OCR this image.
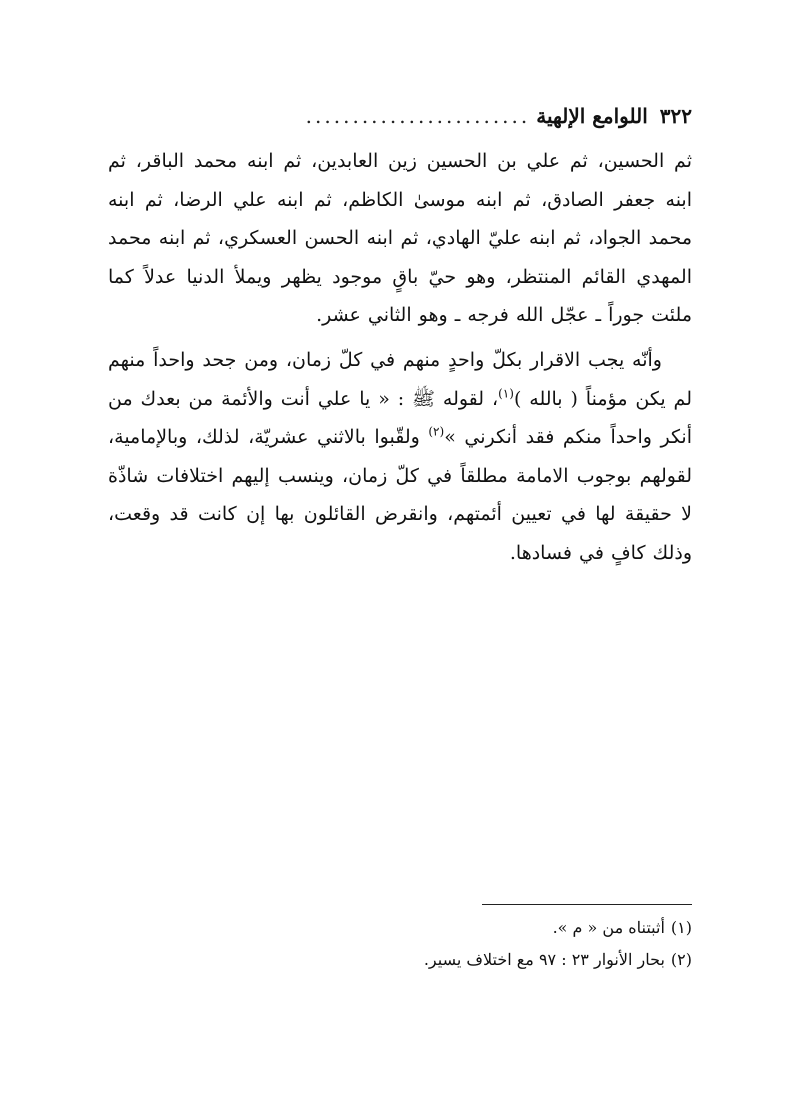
٣٢٢
اللوامع الإلهية
........................

ثم الحسين، ثم علي بن الحسين زين العابدين، ثم ابنه محمد الباقر، ثم ابنه جعفر الصادق، ثم ابنه موسىٰ الكاظم، ثم ابنه علي الرضا، ثم ابنه محمد الجواد، ثم ابنه عليّ الهادي، ثم ابنه الحسن العسكري، ثم ابنه محمد المهدي القائم المنتظر، وهو حيّ باقٍ موجود يظهر ويملأ الدنيا عدلاً كما ملئت جوراً ـ عجّل الله فرجه ـ وهو الثاني عشر.

وأنّه يجب الاقرار بكلّ واحدٍ منهم في كلّ زمان، ومن جحد واحداً منهم لم يكن مؤمناً ( بالله )$^{(١)}$، لقوله ﷺ : « يا علي أنت والأئمة من بعدك من أنكر واحداً منكم فقد أنكرني »$^{(٢)}$ ولقّبوا بالاثني عشريّة، لذلك، وبالإمامية، لقولهم بوجوب الامامة مطلقاً في كلّ زمان، وينسب إليهم اختلافات شاذّة لا حقيقة لها في تعيين أئمتهم، وانقرض القائلون بها إن كانت قد وقعت، وذلك كافٍ في فسادها.

(١)أثبتناه من « م ».
(٢)بحار الأنوار ٢٣ : ٩٧ مع اختلاف يسير.
